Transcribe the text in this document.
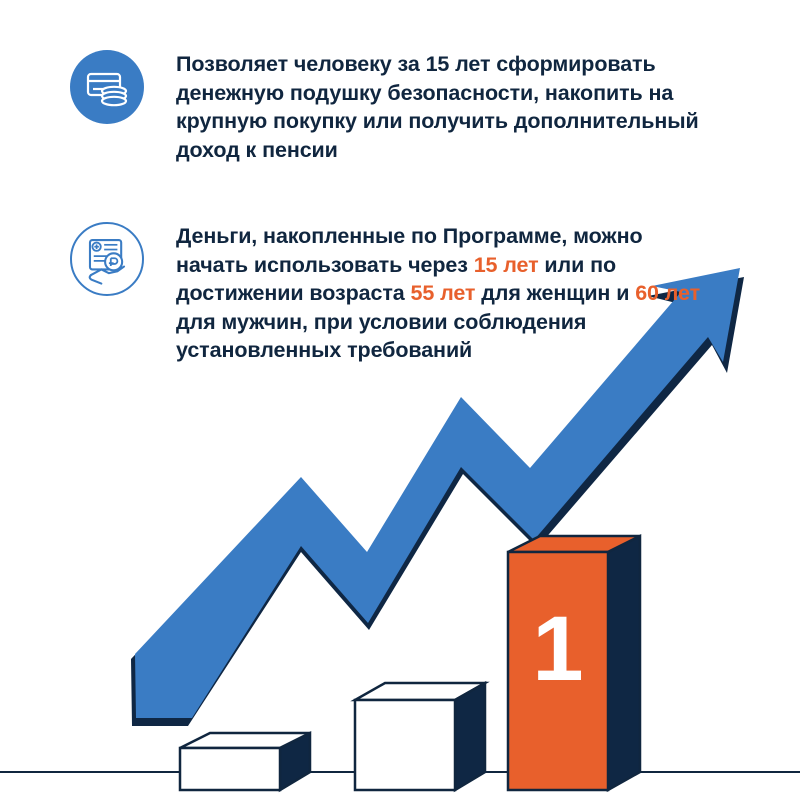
1
Позволяет человеку за 15 лет сформировать денежную подушку безопасности, накопить на крупную покупку или получить дополнительный доход к пенсии
Деньги, накопленные по Программе, можно начать использовать через 15 лет или по достижении возраста 55 лет для женщин и 60 лет для мужчин, при условии соблюдения установленных требований
